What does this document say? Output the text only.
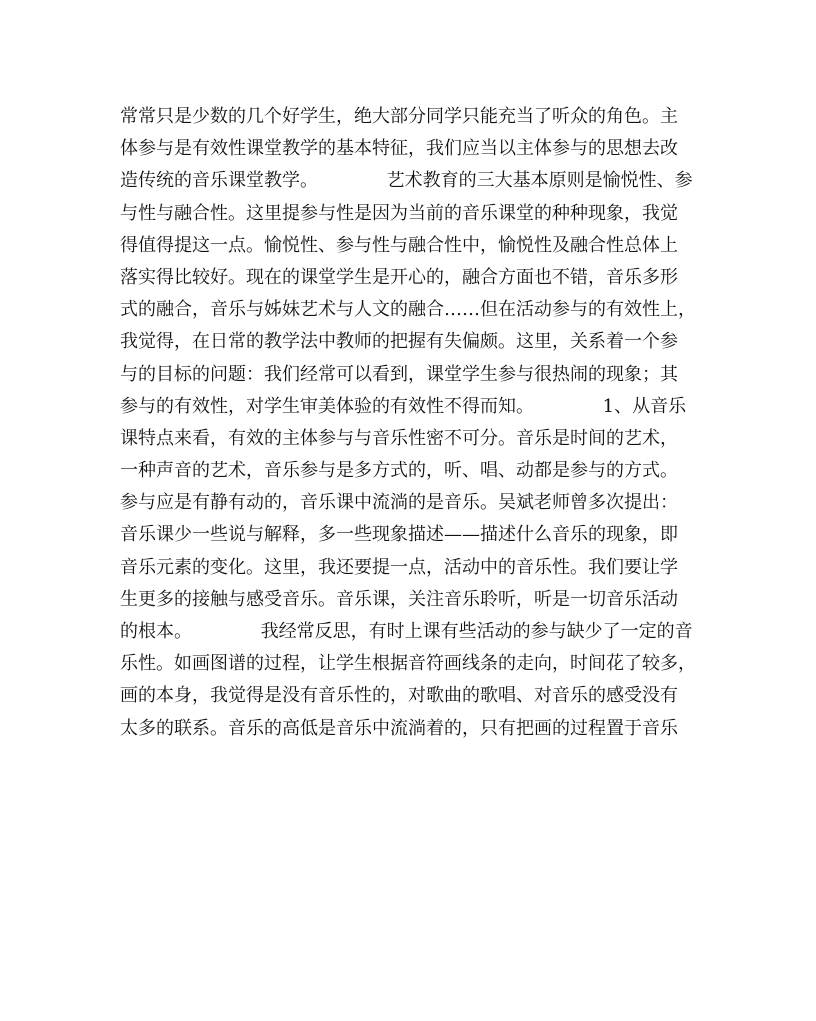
常常只是少数的几个好学生，绝大部分同学只能充当了听众的角色。主
体参与是有效性课堂教学的基本特征，我们应当以主体参与的思想去改
造传统的音乐课堂教学。            艺术教育的三大基本原则是愉悦性、参
与性与融合性。这里提参与性是因为当前的音乐课堂的种种现象，我觉
得值得提这一点。愉悦性、参与性与融合性中，愉悦性及融合性总体上
落实得比较好。现在的课堂学生是开心的，融合方面也不错，音乐多形
式的融合，音乐与姊妹艺术与人文的融合……但在活动参与的有效性上，
我觉得，在日常的教学法中教师的把握有失偏颇。这里，关系着一个参
与的目标的问题：我们经常可以看到，课堂学生参与很热闹的现象；其
参与的有效性，对学生审美体验的有效性不得而知。            1、从音乐
课特点来看，有效的主体参与与音乐性密不可分。音乐是时间的艺术，
一种声音的艺术，音乐参与是多方式的，听、唱、动都是参与的方式。
参与应是有静有动的，音乐课中流淌的是音乐。吴斌老师曾多次提出：
音乐课少一些说与解释，多一些现象描述——描述什么音乐的现象，即
音乐元素的变化。这里，我还要提一点，活动中的音乐性。我们要让学
生更多的接触与感受音乐。音乐课，关注音乐聆听，听是一切音乐活动
的根本。            我经常反思，有时上课有些活动的参与缺少了一定的音
乐性。如画图谱的过程，让学生根据音符画线条的走向，时间花了较多，
画的本身，我觉得是没有音乐性的，对歌曲的歌唱、对音乐的感受没有
太多的联系。音乐的高低是音乐中流淌着的，只有把画的过程置于音乐
